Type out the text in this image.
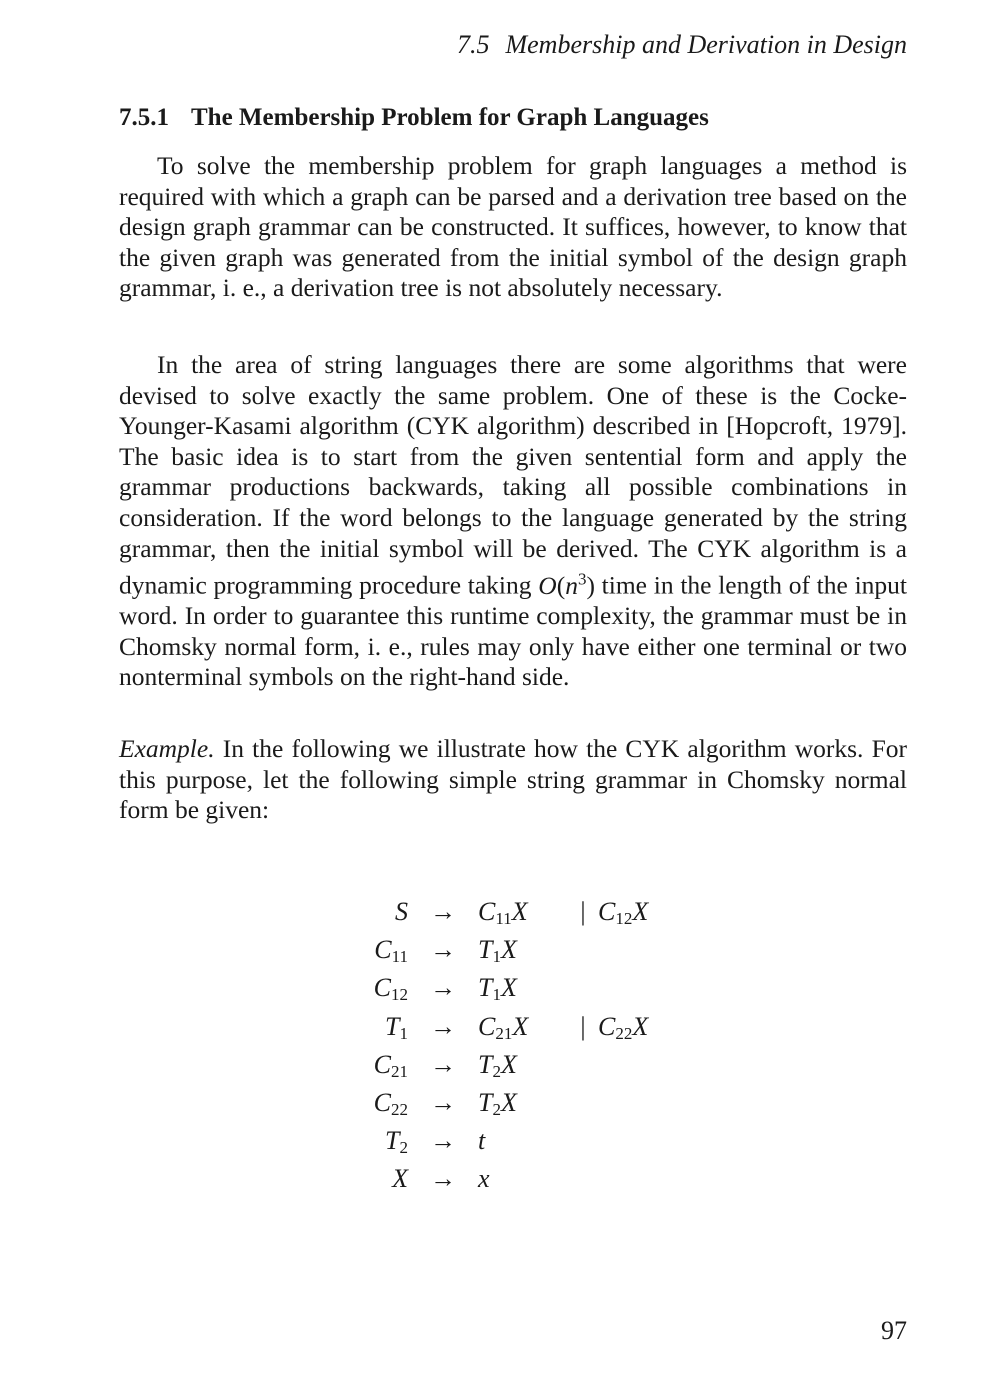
7.5 Membership and Derivation in Design
7.5.1 The Membership Problem for Graph Languages

To solve the membership problem for graph languages a method is required with which a graph can be parsed and a derivation tree based on the design graph grammar can be constructed. It suffices, however, to know that the given graph was generated from the initial symbol of the design graph grammar, i. e., a derivation tree is not absolutely necessary.

In the area of string languages there are some algorithms that were devised to solve exactly the same problem. One of these is the Cocke-Younger-Kasami algorithm (CYK algorithm) described in [Hopcroft, 1979]. The basic idea is to start from the given sentential form and apply the grammar productions backwards, taking all possible combinations in consideration. If the word belongs to the language generated by the string grammar, then the initial symbol will be derived. The CYK algorithm is a dynamic programming procedure taking $O(n^3)$ time in the length of the input word. In order to guarantee this runtime complexity, the grammar must be in Chomsky normal form, i. e., rules may only have either one terminal or two nonterminal symbols on the right-hand side.

Example. In the following we illustrate how the CYK algorithm works. For this purpose, let the following simple string grammar in Chomsky normal form be given:

S	→	$C_{11}X$	|	$C_{12}X$
$C_{11}$	→	$T_1X$		
$C_{12}$	→	$T_1X$		
$T_1$	→	$C_{21}X$	|	$C_{22}X$
$C_{21}$	→	$T_2X$		
$C_{22}$	→	$T_2X$		
$T_2$	→	t		
X	→	x		
97
